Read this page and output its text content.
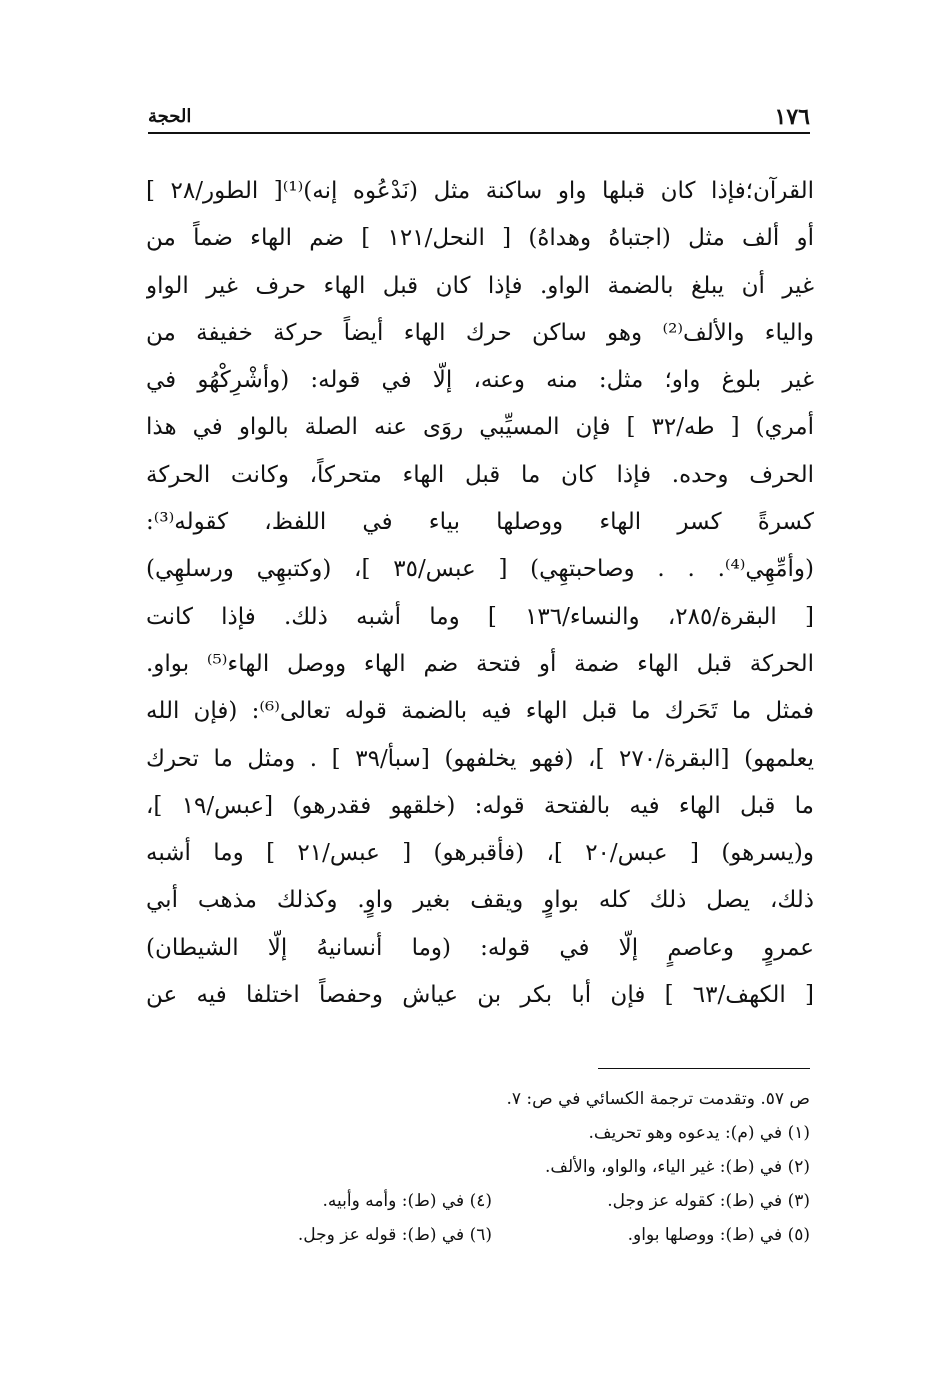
١٧٦
الحجة
القرآن؛فإذا كان قبلها واو ساكنة مثل (نَدْعُوه إنه)⁽¹⁾[ الطور/٢٨ ]
أو ألف مثل (اجتباهُ وهداهُ) [ النحل/١٢١ ] ضم الهاء ضماً من
غير أن يبلغ بالضمة الواو. فإذا كان قبل الهاء حرف غير الواو
والياء والألف⁽²⁾ وهو ساكن حرك الهاء أيضاً حركة خفيفة من
غير بلوغ واو؛ مثل: منه وعنه، إلّا في قوله: (وأشْرِكْهُو في
أمري) [ طه/٣٢ ] فإن المسيِّبي روَى عنه الصلة بالواو في هذا
الحرف وحده. فإذا كان ما قبل الهاء متحركاً، وكانت الحركة
كسرةً كسر الهاء ووصلها بياء في اللفظ، كقوله⁽³⁾:
(وأمِّهِي⁽⁴⁾. . . وصاحبتهِي) [ عبس/٣٥ ]، (وكتبهِي ورسلهِي)
[ البقرة/٢٨٥، والنساء/١٣٦ ] وما أشبه ذلك. فإذا كانت
الحركة قبل الهاء ضمة أو فتحة ضم الهاء ووصل الهاء⁽⁵⁾ بواو.
فمثل ما تَحَرك ما قبل الهاء فيه بالضمة قوله تعالى⁽⁶⁾: (فإن الله
يعلمهو) [البقرة/٢٧٠ ]، (فهو يخلفهو) [سبأ/٣٩ ] . ومثل ما تحرك
ما قبل الهاء فيه بالفتحة قوله: (خلقهو فقدرهو) [عبس/١٩ ]،
و(يسرهو) [ عبس/٢٠ ]، (فأقبرهو) [ عبس/٢١ ] وما أشبه
ذلك، يصل ذلك كله بواوٍ ويقف بغير واوٍ. وكذلك مذهب أبي
عمروٍ وعاصمٍ إلّا في قوله: (وما أنسانيهُ إلّا الشيطان)
[ الكهف/٦٣ ] فإن أبا بكر بن عياش وحفصاً اختلفا فيه عن
ص ٥٧. وتقدمت ترجمة الكسائي في ص: ٧.
(١) في (م): يدعوه وهو تحريف.
(٢) في (ط): غير الياء، والواو، والألف.
(٣) في (ط): كقوله عز وجل.
(٤) في (ط): وأمه وأبيه.
(٥) في (ط): ووصلها بواو.
(٦) في (ط): قوله عز وجل.
